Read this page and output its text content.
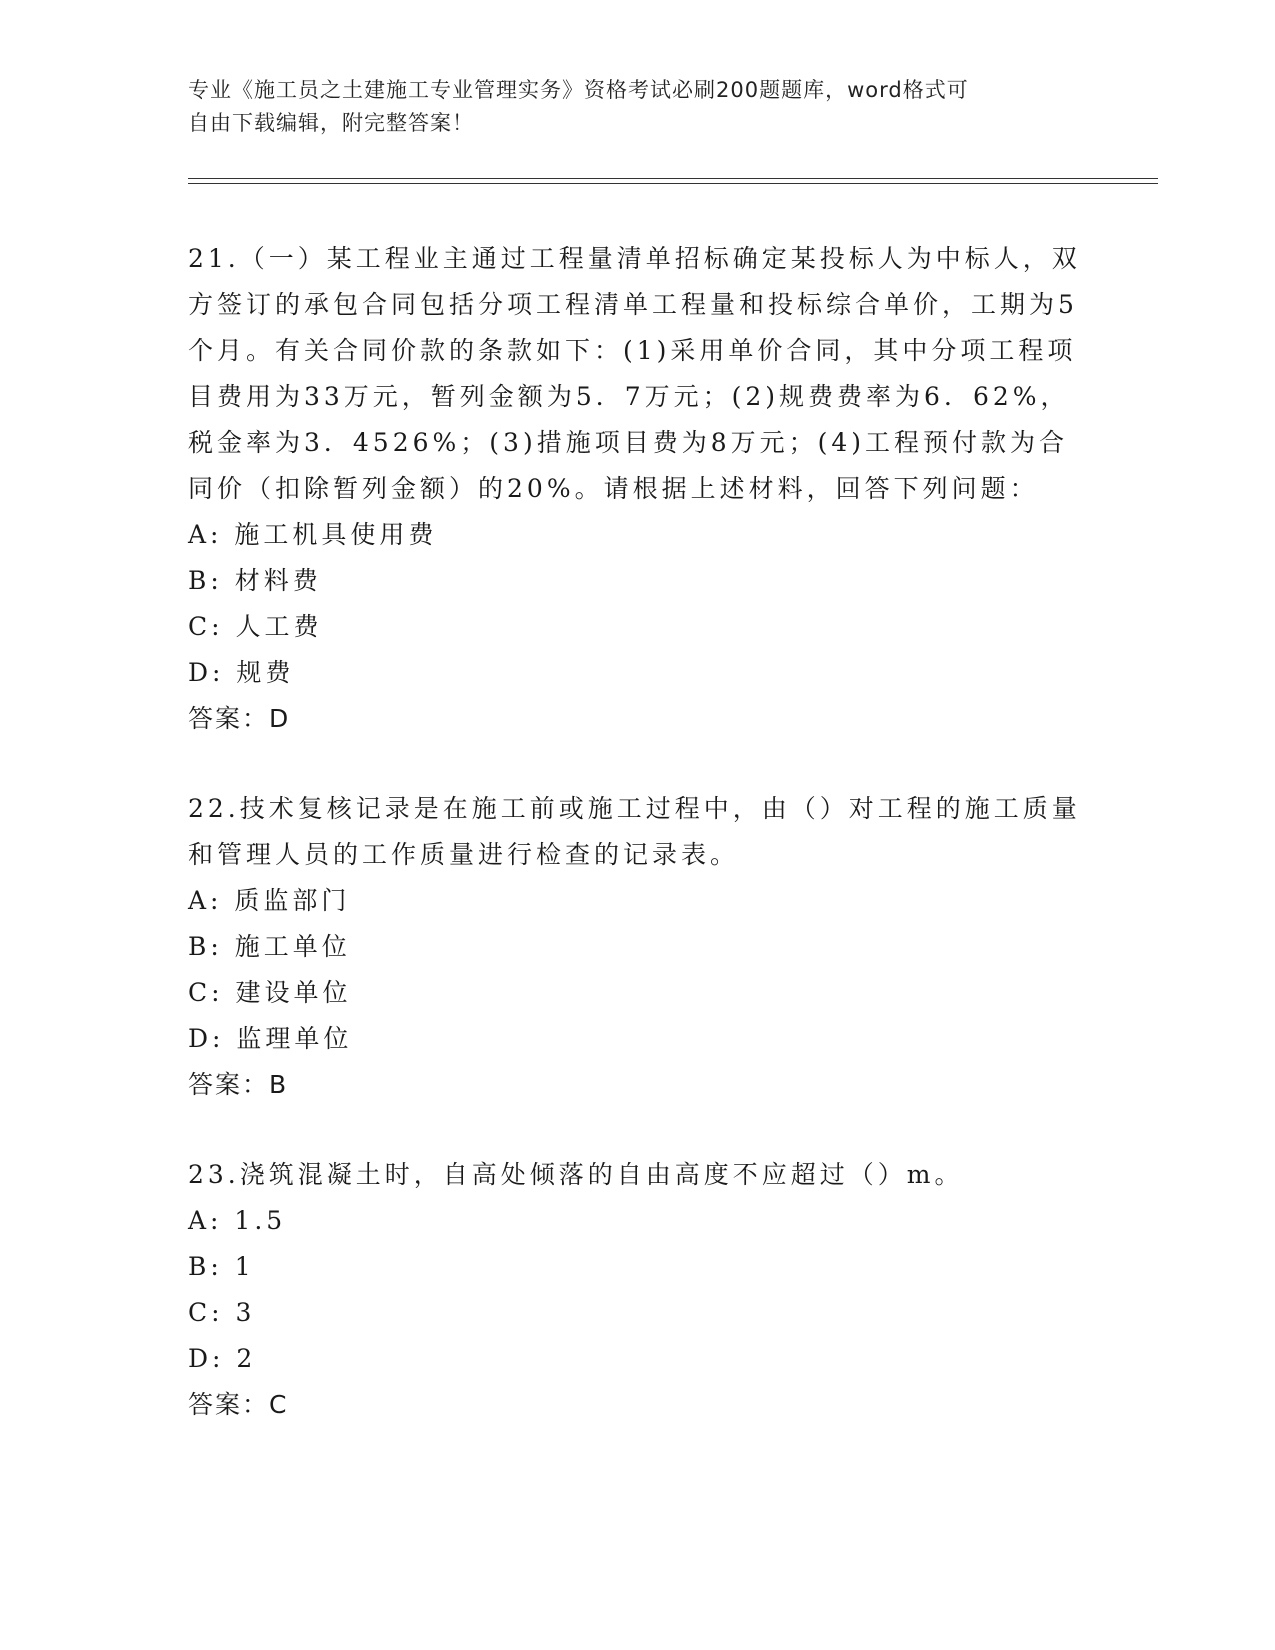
专业《施工员之土建施工专业管理实务》资格考试必刷200题题库，word格式可
自由下载编辑，附完整答案！

21.（一）某工程业主通过工程量清单招标确定某投标人为中标人，双方签订的承包合同包括分项工程清单工程量和投标综合单价，工期为5个月。有关合同价款的条款如下：(1)采用单价合同，其中分项工程项目费用为33万元，暂列金额为5．7万元；(2)规费费率为6．62%，税金率为3．4526%；(3)措施项目费为8万元；(4)工程预付款为合同价（扣除暂列金额）的20%。请根据上述材料，回答下列问题：

A: 施工机具使用费

B: 材料费

C: 人工费

D: 规费

答案：D

22.技术复核记录是在施工前或施工过程中，由（）对工程的施工质量和管理人员的工作质量进行检查的记录表。

A: 质监部门

B: 施工单位

C: 建设单位

D: 监理单位

答案：B

23.浇筑混凝土时，自高处倾落的自由高度不应超过（）m。

A: 1.5

B: 1

C: 3

D: 2

答案：C
